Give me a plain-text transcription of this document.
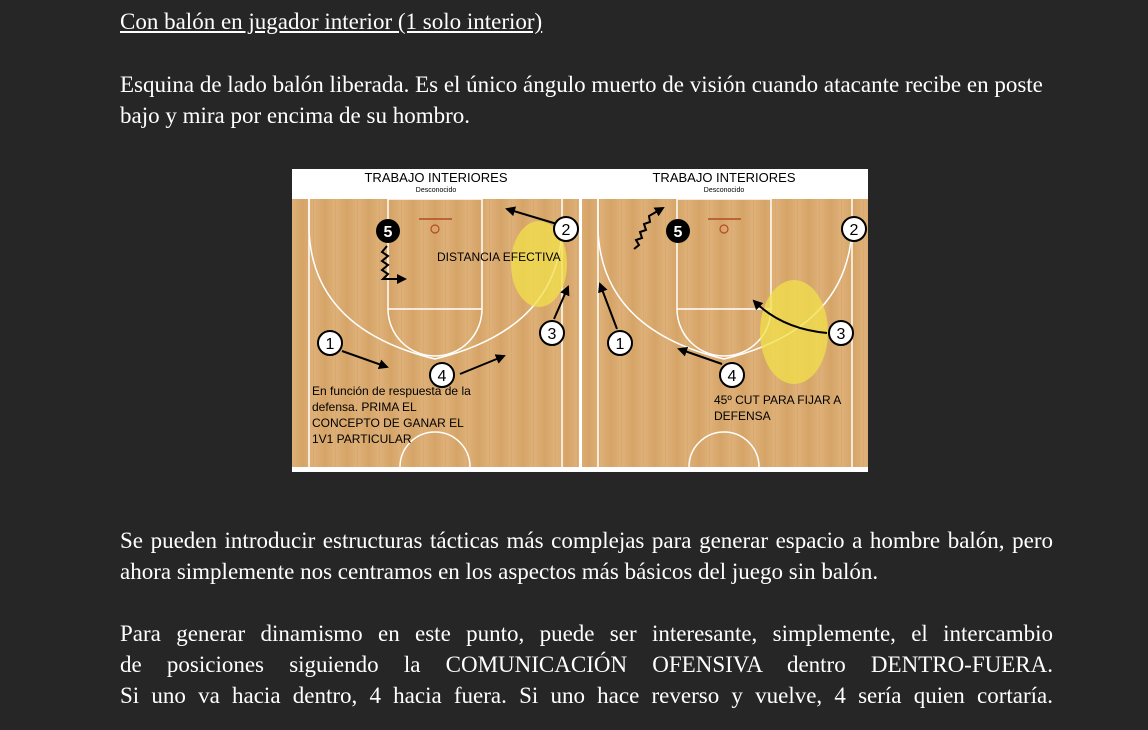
Con balón en jugador interior (1 solo interior)

Esquina de lado balón liberada. Es el único ángulo muerto de visión cuando atacante recibe en poste bajo y mira por encima de su hombro.

TRABAJO INTERIORES
Desconocido
DISTANCIA EFECTIVA
5	2
3
1
4
En función de respuesta de la
defensa. PRIMA EL
CONCEPTO DE GANAR EL
1V1 PARTICULAR
TRABAJO INTERIORES
Desconocido
5	2
3
1
4
45º CUT PARA FIJAR A
DEFENSA

Se pueden introducir estructuras tácticas más complejas para generar espacio a hombre balón, pero ahora simplemente nos centramos en los aspectos más básicos del juego sin balón.

Para generar dinamismo en este punto, puede ser interesante, simplemente, el intercambio
de posiciones siguiendo la COMUNICACIÓN OFENSIVA dentro DENTRO-FUERA.
Si uno va hacia dentro, 4 hacia fuera. Si uno hace reverso y vuelve, 4 sería quien cortaría.
